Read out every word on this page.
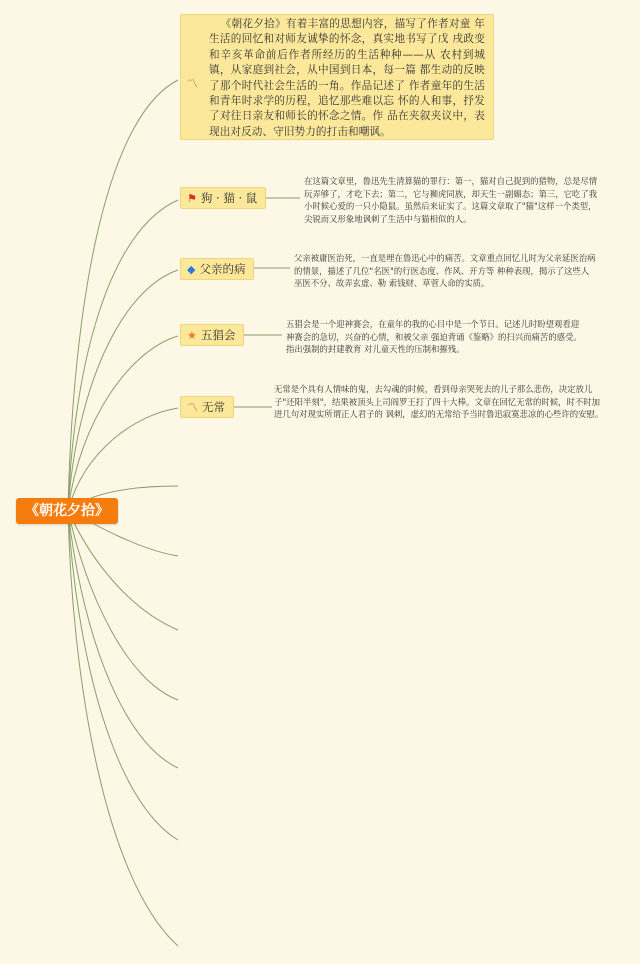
《朝花夕拾》
〽
《朝花夕拾》有着丰富的思想内容，描写了作者对童 年生活的回忆和对师友诚挚的怀念，真实地书写了戊 戌政变和辛亥革命前后作者所经历的生活种种——从 农村到城镇，从家庭到社会，从中国到日本，每一篇 都生动的反映了那个时代社会生活的一角。作品记述了 作者童年的生活和青年时求学的历程，追忆那些难以忘 怀的人和事，抒发了对往日亲友和师长的怀念之情。作 品在夹叙夹议中，表现出对反动、守旧势力的打击和嘲讽。
⚑ 狗 · 猫 · 鼠
在这篇文章里，鲁迅先生清算猫的罪行：第一，猫对自己捉到的猎物，总是尽情玩弄够了，才吃下去；第二，它与狮虎同族，却天生一副媚态；第三，它吃了我小时候心爱的一只小隐鼠。虽然后来证实了。这篇文章取了"猫"这样一个类型，尖锐而又形象地讽刺了生活中与猫相似的人。
◆ 父亲的病
父亲被庸医治死，一直是埋在鲁迅心中的痛苦。文章重点回忆儿时为父亲延医治病的情景，描述了几位"名医"的行医态度、作风、开方等 种种表现，揭示了这些人巫医不分、故弄玄虚、勒 索钱财、草菅人命的实质。
★ 五猖会
五猖会是一个迎神赛会，在童年的我的心目中是一个节日。记述儿时盼望观看迎神赛会的急切，兴奋的心情，和被父亲 强迫背诵《鉴略》的扫兴而痛苦的感受。指出强制的封建教育 对儿童天性的压制和摧残。
〽 无常
无常是个具有人情味的鬼，去勾魂的时候，看到母亲哭死去的儿子那么悲伤，决定放儿子"还阳半刻"，结果被顶头上司阎罗王打了四十大棒。文章在回忆无常的时候，时不时加进几句对现实所谓正人君子的 讽刺，虚幻的无常给予当时鲁迅寂寞悲凉的心些许的安慰。
